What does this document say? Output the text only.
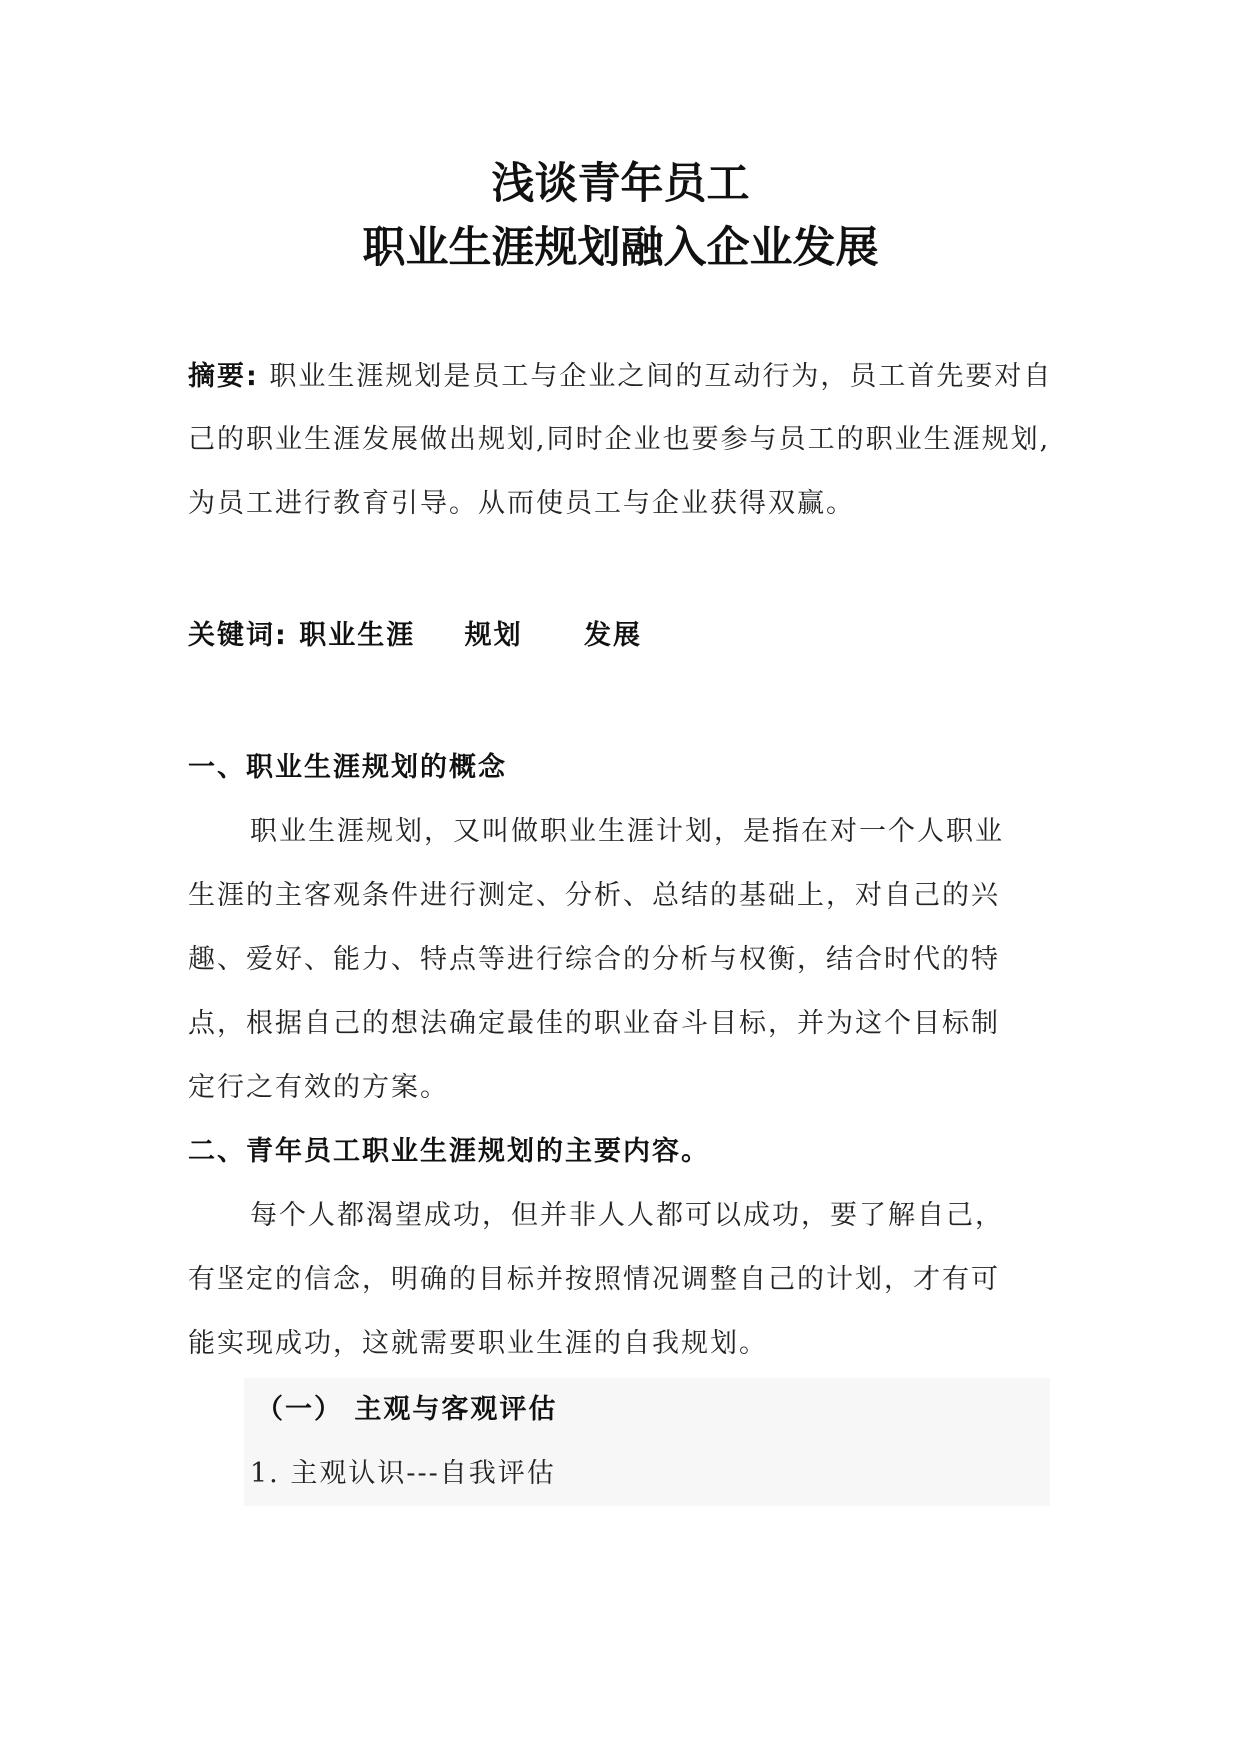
浅谈青年员工
职业生涯规划融入企业发展
摘要: 职业生涯规划是员工与企业之间的互动行为，员工首先要对自
己的职业生涯发展做出规划,同时企业也要参与员工的职业生涯规划,
为员工进行教育引导。从而使员工与企业获得双赢。
关键词: 职业生涯 规划 发展
一、职业生涯规划的概念
职业生涯规划，又叫做职业生涯计划，是指在对一个人职业
生涯的主客观条件进行测定、分析、总结的基础上，对自己的兴
趣、爱好、能力、特点等进行综合的分析与权衡，结合时代的特
点，根据自己的想法确定最佳的职业奋斗目标，并为这个目标制
定行之有效的方案。
二、青年员工职业生涯规划的主要内容。
每个人都渴望成功，但并非人人都可以成功，要了解自己，
有坚定的信念，明确的目标并按照情况调整自己的计划，才有可
能实现成功，这就需要职业生涯的自我规划。
（一） 主观与客观评估
1. 主观认识---自我评估
